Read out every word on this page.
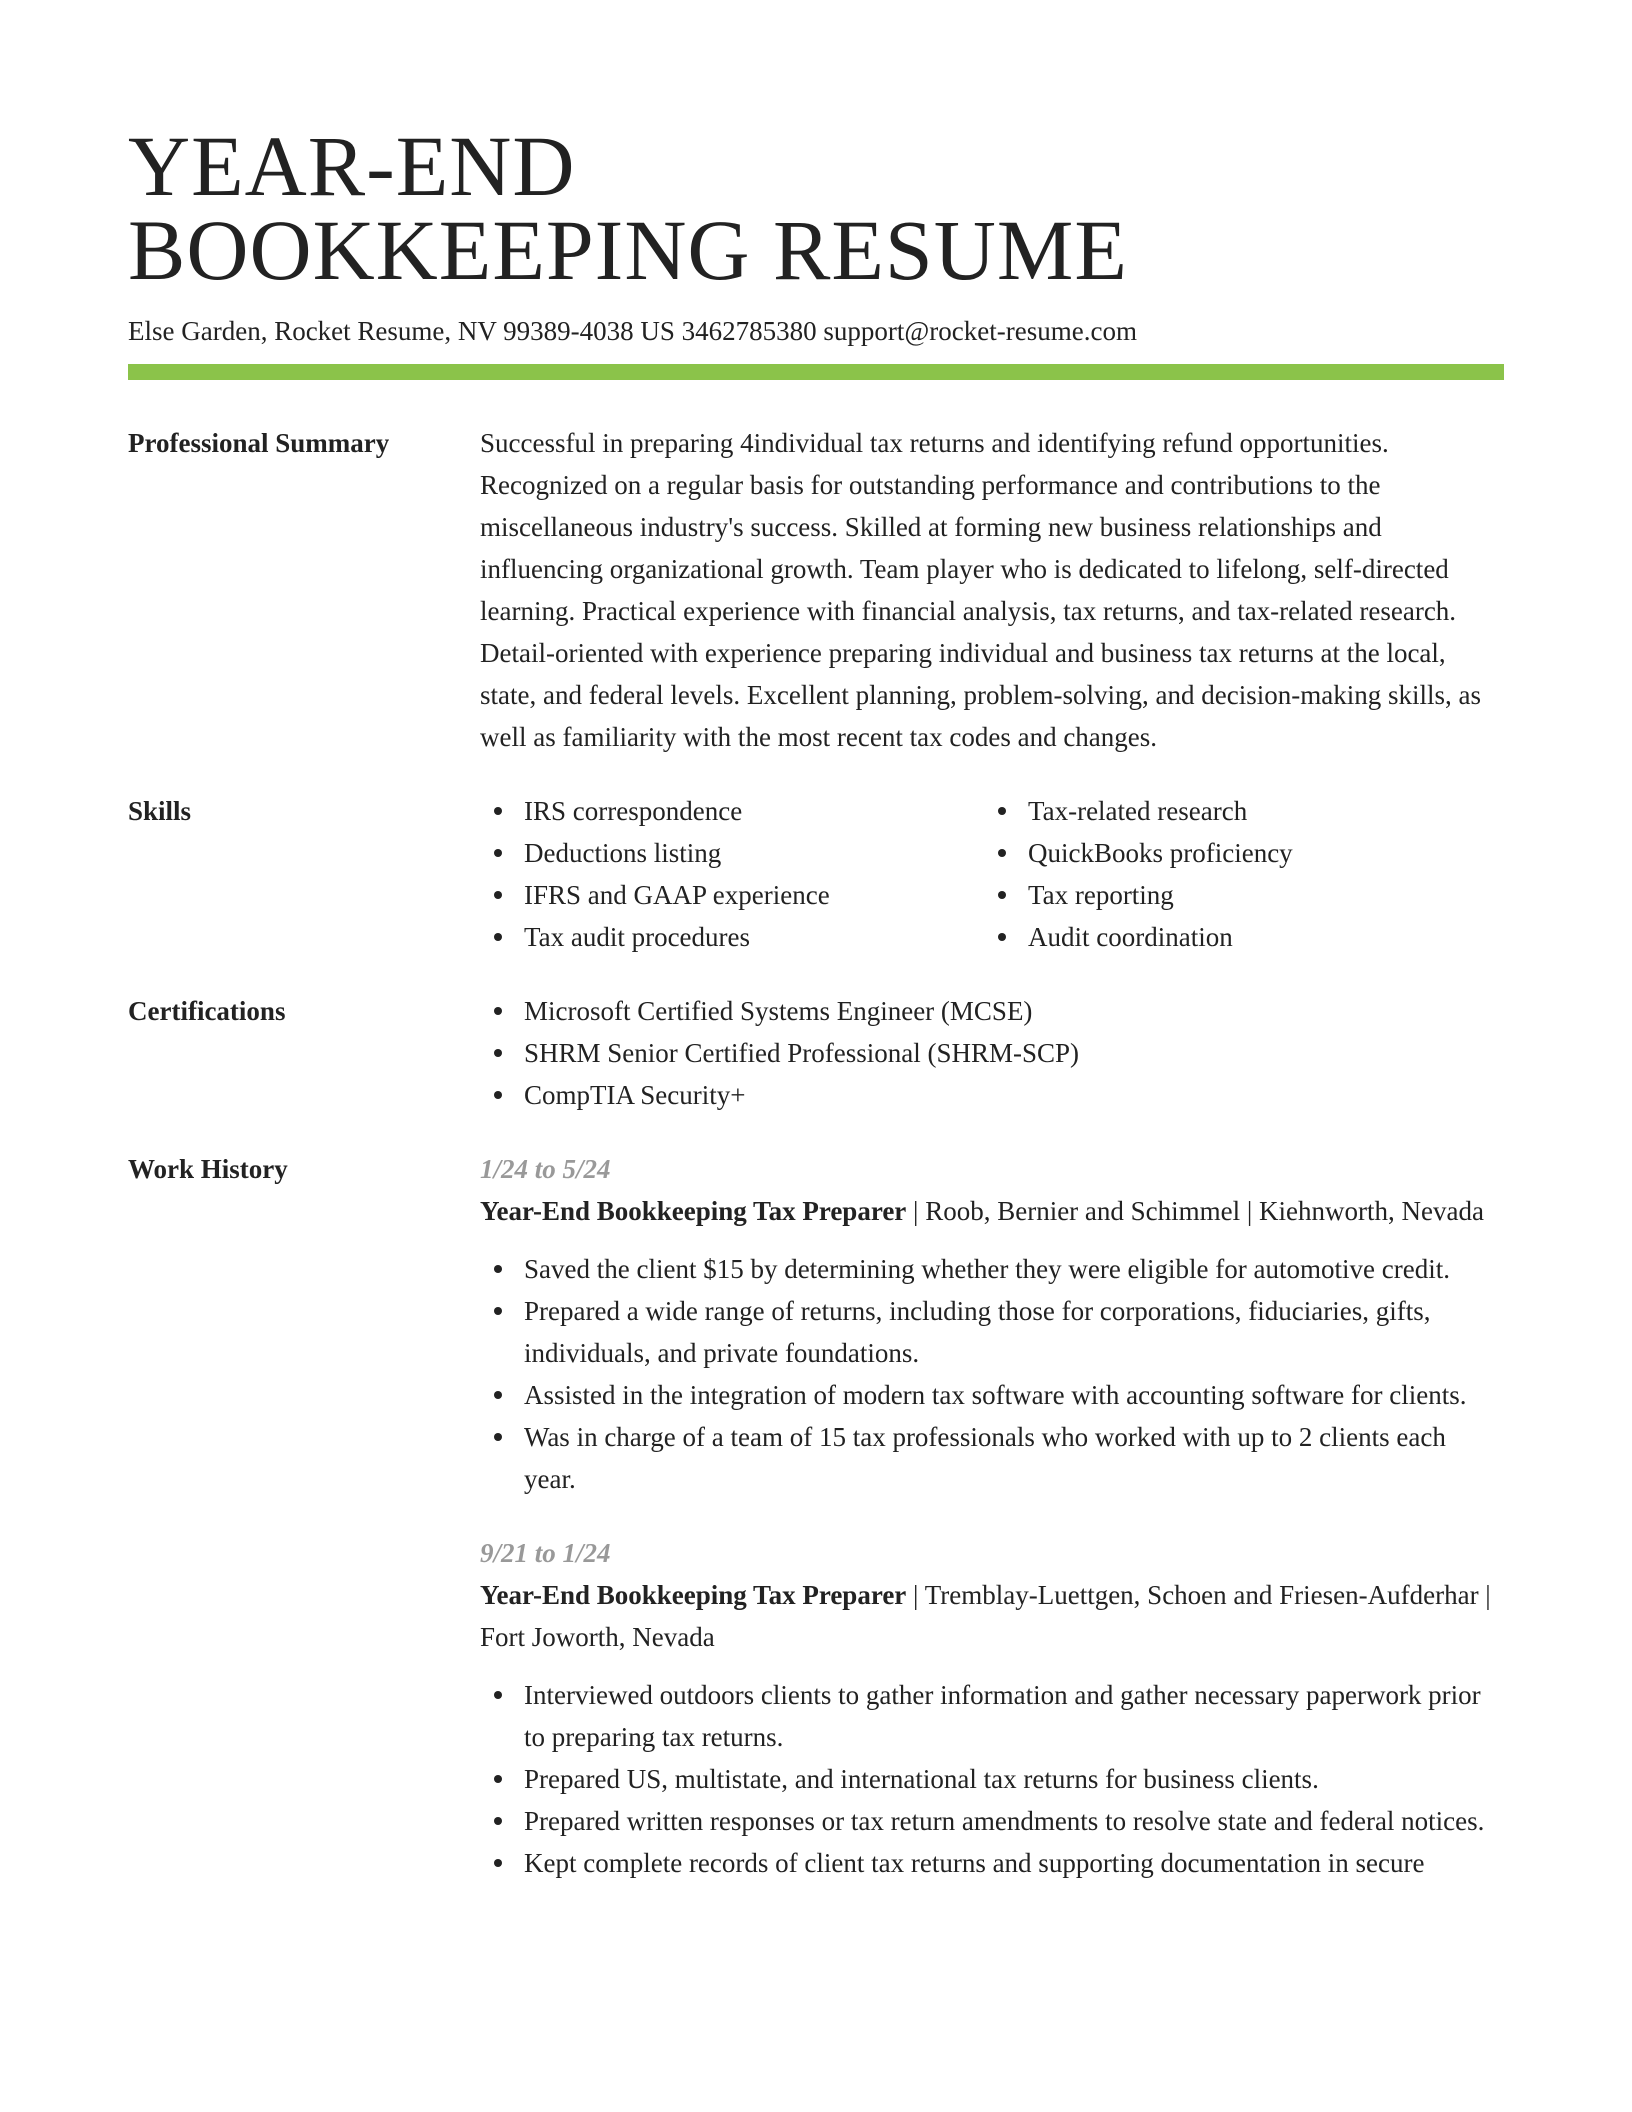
YEAR-END
BOOKKEEPING RESUME
Else Garden, Rocket Resume, NV 99389-4038 US 3462785380 support@rocket-resume.com
Professional Summary	Successful in preparing 4individual tax returns and identifying refund opportunities. Recognized on a regular basis for outstanding performance and contributions to the miscellaneous industry's success. Skilled at forming new business relationships and influencing organizational growth. Team player who is dedicated to lifelong, self-directed learning. Practical experience with financial analysis, tax returns, and tax-related research. Detail-oriented with experience preparing individual and business tax returns at the local, state, and federal levels. Excellent planning, problem-solving, and decision-making skills, as well as familiarity with the most recent tax codes and changes.

Skills	IRS correspondence
Deductions listing
IFRS and GAAP experience
Tax audit procedures
Tax-related research
QuickBooks proficiency
Tax reporting
Audit coordination
Certifications	Microsoft Certified Systems Engineer (MCSE)
SHRM Senior Certified Professional (SHRM-SCP)
CompTIA Security+
Work History	1/24 to 5/24
Year-End Bookkeeping Tax Preparer | Roob, Bernier and Schimmel | Kiehnworth, Nevada
Saved the client $15 by determining whether they were eligible for automotive credit.
Prepared a wide range of returns, including those for corporations, fiduciaries, gifts, individuals, and private foundations.
Assisted in the integration of modern tax software with accounting software for clients.
Was in charge of a team of 15 tax professionals who worked with up to 2 clients each year.
9/21 to 1/24
Year-End Bookkeeping Tax Preparer | Tremblay-Luettgen, Schoen and Friesen-Aufderhar | Fort Joworth, Nevada
Interviewed outdoors clients to gather information and gather necessary paperwork prior to preparing tax returns.
Prepared US, multistate, and international tax returns for business clients.
Prepared written responses or tax return amendments to resolve state and federal notices.
Kept complete records of client tax returns and supporting documentation in secure
